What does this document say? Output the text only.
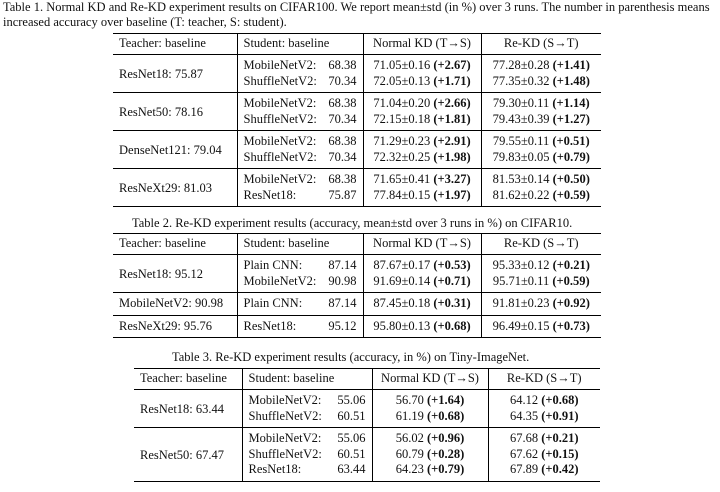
Table 1. Normal KD and Re-KD experiment results on CIFAR100. We report mean±std (in %) over 3 runs. The number in parenthesis means increased accuracy over baseline (T: teacher, S: student).
Teacher: baseline	Student: baseline	Normal KD (T→S)	Re-KD (S→T)
ResNet18: 75.87	MobileNetV2: 68.38	71.05±0.16 (+2.67)	77.28±0.28 (+1.41)

	ShuffleNetV2: 70.34	72.05±0.13 (+1.71)	77.35±0.32 (+1.48)
ResNet50: 78.16	MobileNetV2: 68.38	71.04±0.20 (+2.66)	79.30±0.11 (+1.14)

	ShuffleNetV2: 70.34	72.15±0.18 (+1.81)	79.43±0.39 (+1.27)
DenseNet121: 79.04	MobileNetV2: 68.38	71.29±0.23 (+2.91)	79.55±0.11 (+0.51)

	ShuffleNetV2: 70.34	72.32±0.25 (+1.98)	79.83±0.05 (+0.79)
ResNeXt29: 81.03	MobileNetV2: 68.38	71.65±0.41 (+3.27)	81.53±0.14 (+0.50)

	ResNet18: 75.87	77.84±0.15 (+1.97)	81.62±0.22 (+0.59)
Table 2. Re-KD experiment results (accuracy, mean±std over 3 runs in %) on CIFAR10.
Teacher: baseline	Student: baseline	Normal KD (T→S)	Re-KD (S→T)
ResNet18: 95.12	Plain CNN: 87.14	87.67±0.17 (+0.53)	95.33±0.12 (+0.21)

	MobileNetV2: 90.98	91.69±0.14 (+0.71)	95.71±0.11 (+0.59)
MobileNetV2: 90.98	Plain CNN: 87.14	87.45±0.18 (+0.31)	91.81±0.23 (+0.92)
ResNeXt29: 95.76	ResNet18: 95.12	95.80±0.13 (+0.68)	96.49±0.15 (+0.73)
Table 3. Re-KD experiment results (accuracy, in %) on Tiny-ImageNet.
Teacher: baseline	Student: baseline	Normal KD (T→S)	Re-KD (S→T)
ResNet18: 63.44	MobileNetV2: 55.06	56.70 (+1.64)	64.12 (+0.68)

	ShuffleNetV2: 60.51	61.19 (+0.68)	64.35 (+0.91)
ResNet50: 67.47	MobileNetV2: 55.06	56.02 (+0.96)	67.68 (+0.21)

	ShuffleNetV2: 60.51	60.79 (+0.28)	67.62 (+0.15)

	ResNet18: 63.44	64.23 (+0.79)	67.89 (+0.42)
